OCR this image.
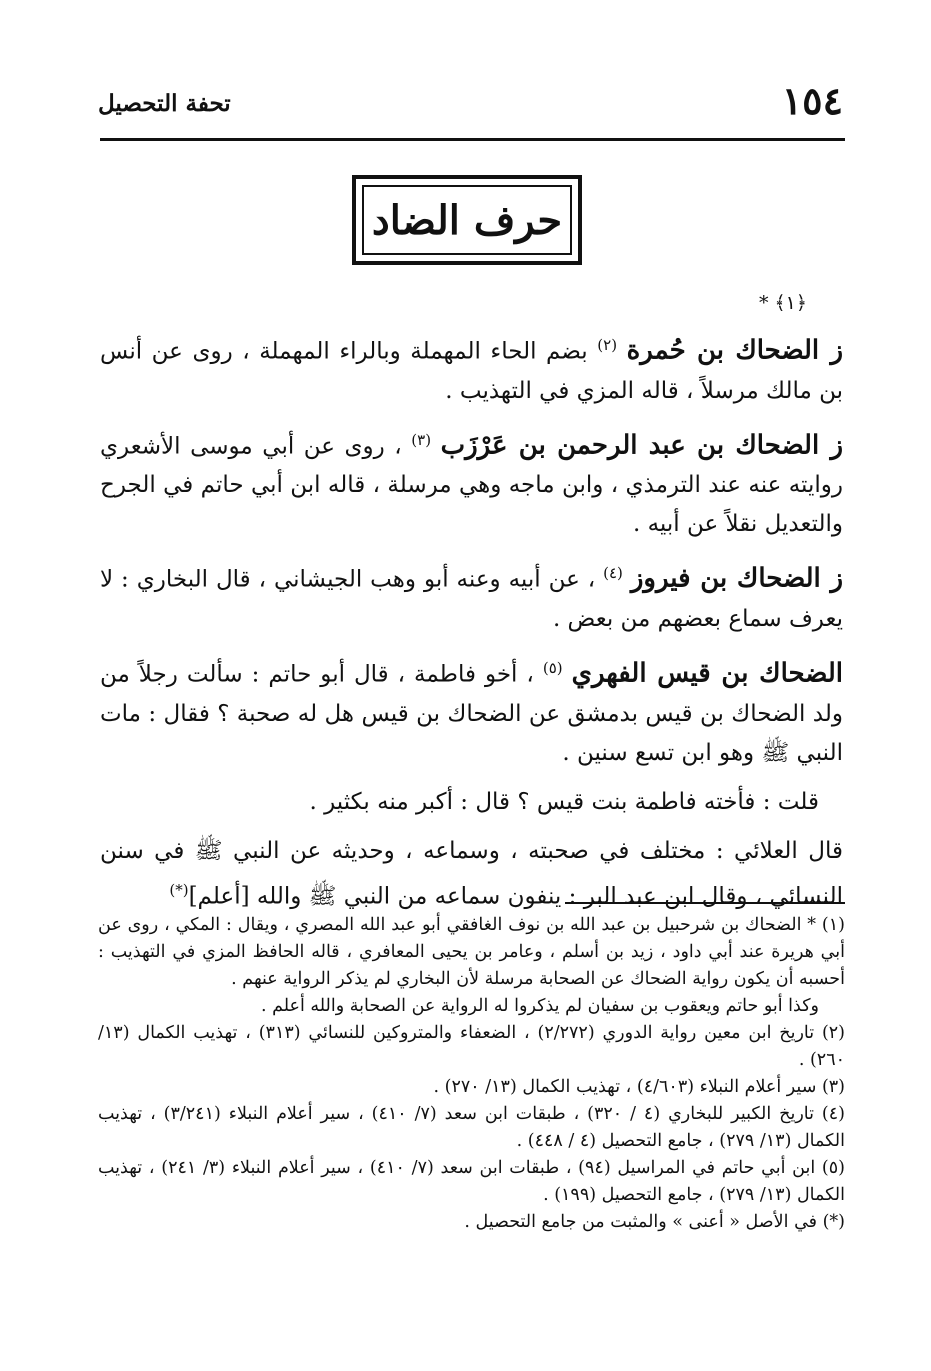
١٥٤
تحفة التحصيل
حرف الضاد
﴿١﴾ *

ز الضحاك بن حُمرة $^{(٢)}$ بضم الحاء المهملة وبالراء المهملة ، روى عن أنس بن مالك مرسلاً ، قاله المزي في التهذيب .

ز الضحاك بن عبد الرحمن بن عَرْزَب $^{(٣)}$ ، روى عن أبي موسى الأشعري روايته عنه عند الترمذي ، وابن ماجه وهي مرسلة ، قاله ابن أبي حاتم في الجرح والتعديل نقلاً عن أبيه .

ز الضحاك بن فيروز $^{(٤)}$ ، عن أبيه وعنه أبو وهب الجيشاني ، قال البخاري : لا يعرف سماع بعضهم من بعض .

الضحاك بن قيس الفهري $^{(٥)}$ ، أخو فاطمة ، قال أبو حاتم : سألت رجلاً من ولد الضحاك بن قيس بدمشق عن الضحاك بن قيس هل له صحبة ؟ فقال : مات النبي ﷺ وهو ابن تسع سنين .

قلت : فأخته فاطمة بنت قيس ؟ قال : أكبر منه بكثير .

قال العلائي : مختلف في صحبته ، وسماعه ، وحديثه عن النبي ﷺ في سنن النسائي ، وقال ابن عبد البر : ينفون سماعه من النبي ﷺ والله [أعلم](*)

(١) * الضحاك بن شرحبيل بن عبد الله بن نوف الغافقي أبو عبد الله المصري ، ويقال : المكي ، روى عن أبي هريرة عند أبي داود ، زيد بن أسلم ، وعامر بن يحيى المعافري ، قاله الحافظ المزي في التهذيب : أحسبه أن يكون رواية الضحاك عن الصحابة مرسلة لأن البخاري لم يذكر الرواية عنهم .
وكذا أبو حاتم ويعقوب بن سفيان لم يذكروا له الرواية عن الصحابة والله أعلم .

(٢) تاريخ ابن معين رواية الدوري (٢/٢٧٢) ، الضعفاء والمتروكين للنسائي (٣١٣) ، تهذيب الكمال (١٣/ ٢٦٠) .

(٣) سير أعلام النبلاء (٤/٦٠٣) ، تهذيب الكمال (١٣/ ٢٧٠) .

(٤) تاريخ الكبير للبخاري (٤ / ٣٢٠) ، طبقات ابن سعد (٧/ ٤١٠) ، سير أعلام النبلاء (٣/٢٤١) ، تهذيب الكمال (١٣/ ٢٧٩) ، جامع التحصيل (٤ / ٤٤٨) .

(٥) ابن أبي حاتم في المراسيل (٩٤) ، طبقات ابن سعد (٧/ ٤١٠) ، سير أعلام النبلاء (٣/ ٢٤١) ، تهذيب الكمال (١٣/ ٢٧٩) ، جامع التحصيل (١٩٩) .

(*) في الأصل « أعنى » والمثبت من جامع التحصيل .
